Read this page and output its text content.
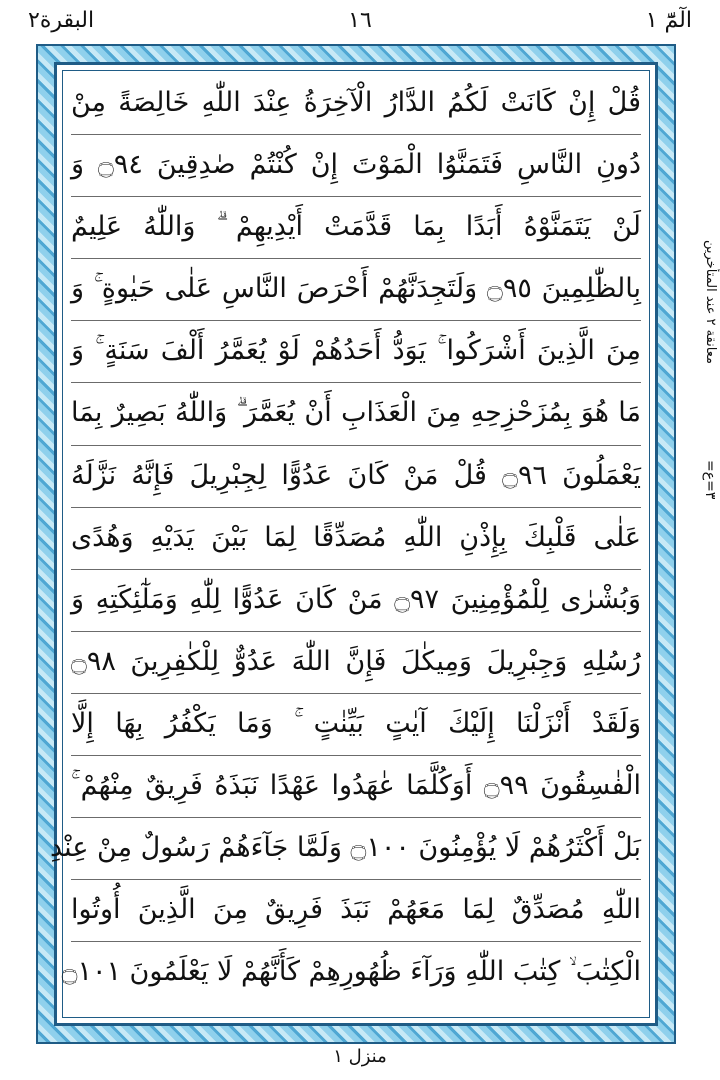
البقرة٢	١٦	الٓمّٓ ١
قُلْ إِنْ كَانَتْ لَكُمُ الدَّارُ الْآخِرَةُ عِنْدَ اللّٰهِ خَالِصَةً مِنْ
دُونِ النَّاسِ فَتَمَنَّوُا الْمَوْتَ إِنْ كُنْتُمْ صٰدِقِينَ ۝٩٤ وَ
لَنْ يَتَمَنَّوْهُ أَبَدًا بِمَا قَدَّمَتْ أَيْدِيهِمْ ۗ وَاللّٰهُ عَلِيمٌ
بِالظّٰلِمِينَ ۝٩٥ وَلَتَجِدَنَّهُمْ أَحْرَصَ النَّاسِ عَلٰى حَيٰوةٍ ۚ وَ
مِنَ الَّذِينَ أَشْرَكُوا ۚ يَوَدُّ أَحَدُهُمْ لَوْ يُعَمَّرُ أَلْفَ سَنَةٍ ۚ وَ
مَا هُوَ بِمُزَحْزِحِهِ مِنَ الْعَذَابِ أَنْ يُعَمَّرَ ۗ وَاللّٰهُ بَصِيرٌ بِمَا
يَعْمَلُونَ ۝٩٦ قُلْ مَنْ كَانَ عَدُوًّا لِجِبْرِيلَ فَإِنَّهُ نَزَّلَهُ
عَلٰى قَلْبِكَ بِإِذْنِ اللّٰهِ مُصَدِّقًا لِمَا بَيْنَ يَدَيْهِ وَهُدًى
وَبُشْرٰى لِلْمُؤْمِنِينَ ۝٩٧ مَنْ كَانَ عَدُوًّا لِلّٰهِ وَمَلٰٓئِكَتِهِ وَ
رُسُلِهِ وَجِبْرِيلَ وَمِيكٰلَ فَإِنَّ اللّٰهَ عَدُوٌّ لِلْكٰفِرِينَ ۝٩٨
وَلَقَدْ أَنْزَلْنَا إِلَيْكَ آيٰتٍ بَيِّنٰتٍ ۚ وَمَا يَكْفُرُ بِهَا إِلَّا
الْفٰسِقُونَ ۝٩٩ أَوَكُلَّمَا عٰهَدُوا عَهْدًا نَبَذَهُ فَرِيقٌ مِنْهُمْ ۚ
بَلْ أَكْثَرُهُمْ لَا يُؤْمِنُونَ ۝١٠٠ وَلَمَّا جَآءَهُمْ رَسُولٌ مِنْ عِنْدِ
اللّٰهِ مُصَدِّقٌ لِمَا مَعَهُمْ نَبَذَ فَرِيقٌ مِنَ الَّذِينَ أُوتُوا
الْكِتٰبَ ۙ كِتٰبَ اللّٰهِ وَرَآءَ ظُهُورِهِمْ كَأَنَّهُمْ لَا يَعْلَمُونَ ۝١٠١
معانقة ٢ عند المتأخرين
=٣=ع
منزل ١
